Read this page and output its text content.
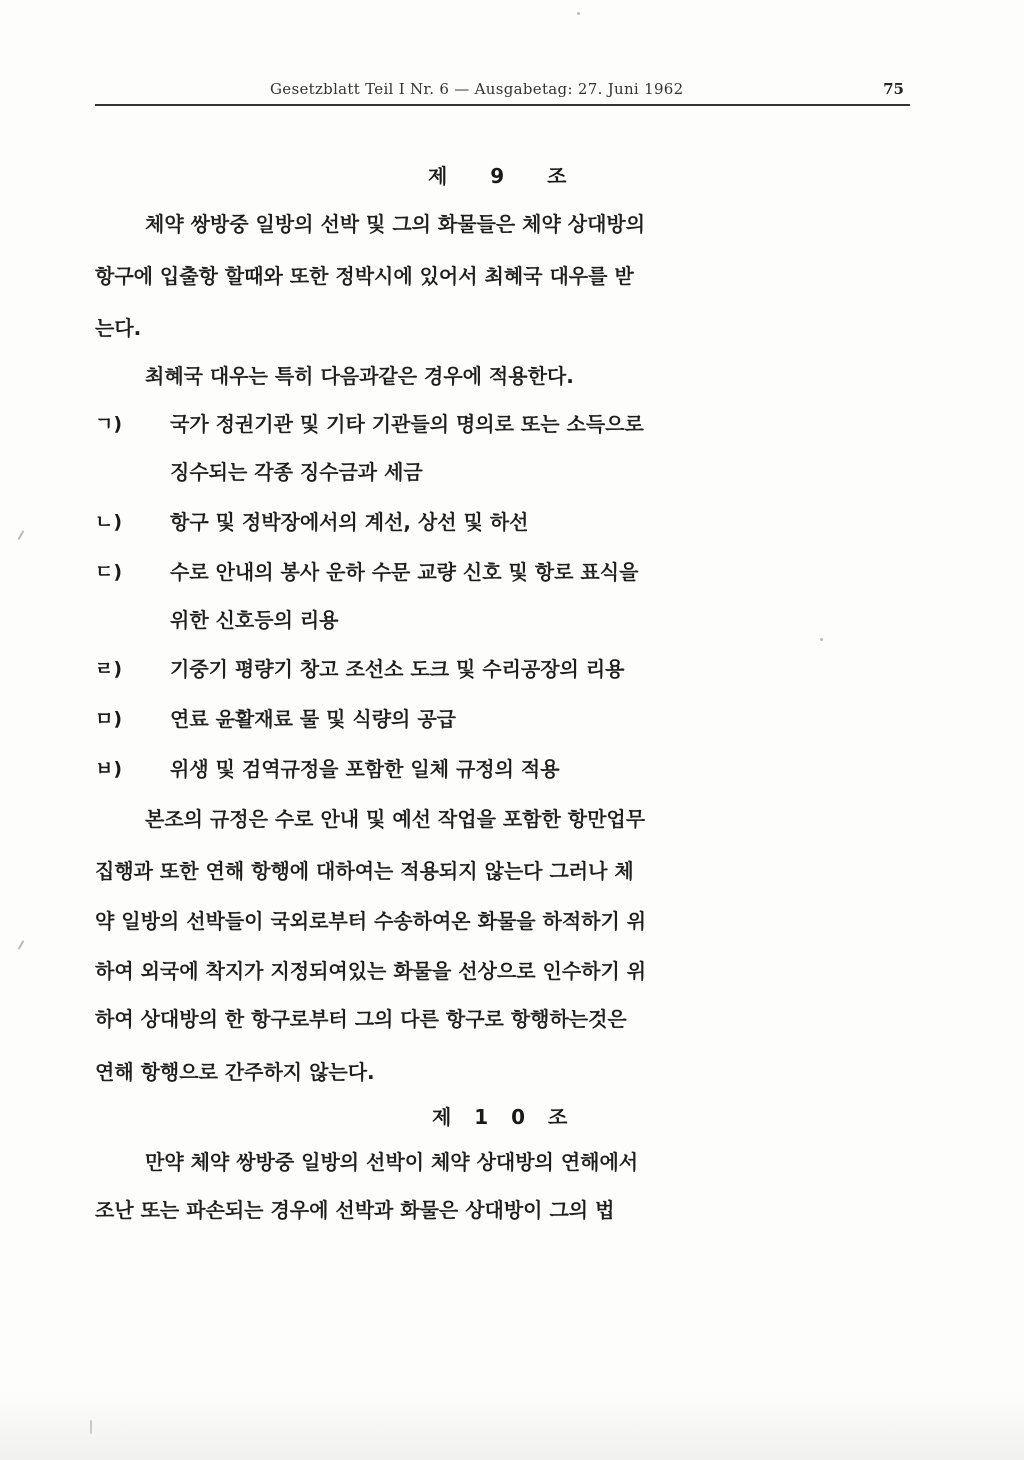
Gesetzblatt Teil I Nr. 6 — Ausgabetag: 27. Juni 1962	75
제 9 조
체약 쌍방중 일방의 선박 및 그의 화물들은 체약 상대방의
항구에 입출항 할때와 또한 정박시에 있어서 최혜국 대우를 받
는다.
최혜국 대우는 특히 다음과같은 경우에 적용한다.
ㄱ) 국가 정권기관 및 기타 기관들의 명의로 또는 소득으로
징수되는 각종 징수금과 세금
ㄴ) 항구 및 정박장에서의 계선, 상선 및 하선
ㄷ) 수로 안내의 봉사 운하 수문 교량 신호 및 항로 표식을
위한 신호등의 리용
ㄹ) 기중기 평량기 창고 조선소 도크 및 수리공장의 리용
ㅁ) 연료 윤활재료 물 및 식량의 공급
ㅂ) 위생 및 검역규정을 포함한 일체 규정의 적용
본조의 규정은 수로 안내 및 예선 작업을 포함한 항만업무
집행과 또한 연해 항행에 대하여는 적용되지 않는다 그러나 체
약 일방의 선박들이 국외로부터 수송하여온 화물을 하적하기 위
하여 외국에 착지가 지정되여있는 화물을 선상으로 인수하기 위
하여 상대방의 한 항구로부터 그의 다른 항구로 항행하는것은
연해 항행으로 간주하지 않는다.
제 1 0 조
만약 체약 쌍방중 일방의 선박이 체약 상대방의 연해에서
조난 또는 파손되는 경우에 선박과 화물은 상대방이 그의 법
